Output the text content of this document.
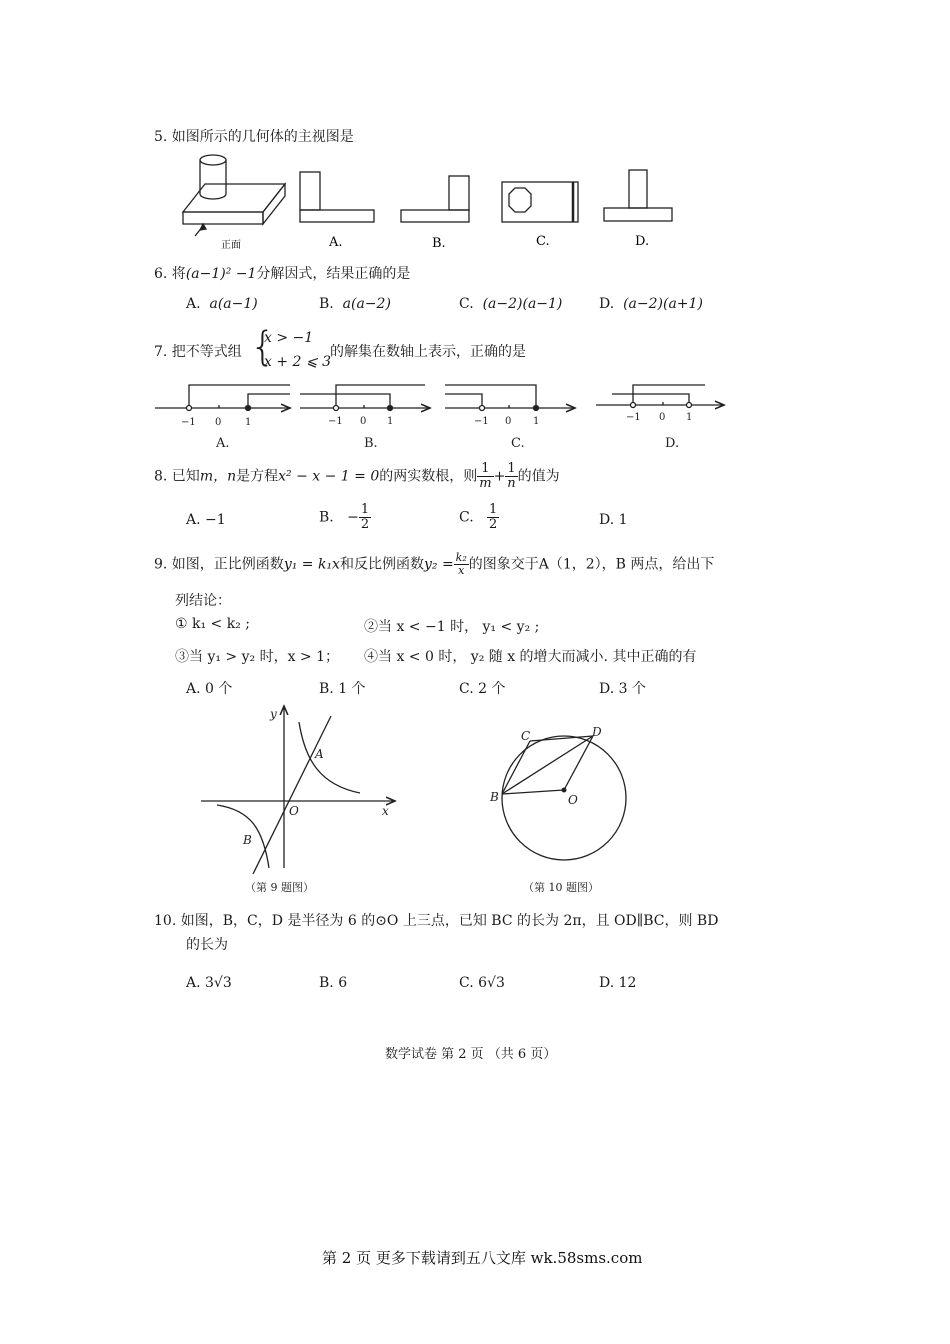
5. 如图所示的几何体的主视图是
正面	A.	B.	C.	D.
6. 将(a−1)² −1分解因式，结果正确的是
A. a(a−1)	B. a(a−2)	C. (a−2)(a−1)	D. (a−2)(a+1)
7. 把不等式组 {
x > −1
x + 2 ⩽ 3
的解集在数轴上表示，正确的是
−1 0 1	−1 0 1	−1 0 1	−1 0 1
A.	B.	C.	D.
8. 已知m，n是方程x² − x − 1 = 0的两实数根，则 $\frac{1}{m} + \frac{1}{n}$ 的值为
A. −1	B. − $\frac{1}{2}$	C. $\frac{1}{2}$	D. 1
9. 如图，正比例函数y₁ = k₁x和反比例函数$y_2 = \frac{\text{k₂}}{x}$ 的图象交于A（1，2），B 两点，给出下
列结论：
① k₁ < k₂ ;	②当 x < −1 时， y₁ < y₂ ;
③当 y₁ > y₂ 时，x > 1； ④当 x < 0 时， y₂ 随 x 的增大而减小. 其中正确的有
A. 0 个	B. 1 个	C. 2 个	D. 3 个
y
x
O
A
B
（第 9 题图）
C	D
B	O
（第 10 题图）
10. 如图，B，C，D 是半径为 6 的⊙O 上三点，已知 BC 的长为 2π，且 OD∥BC，则 BD
的长为
A. 3√3	B. 6	C. 6√3	D. 12
数学试卷 第 2 页 （共 6 页）
第 2 页 更多下载请到五八文库 wk.58sms.com
